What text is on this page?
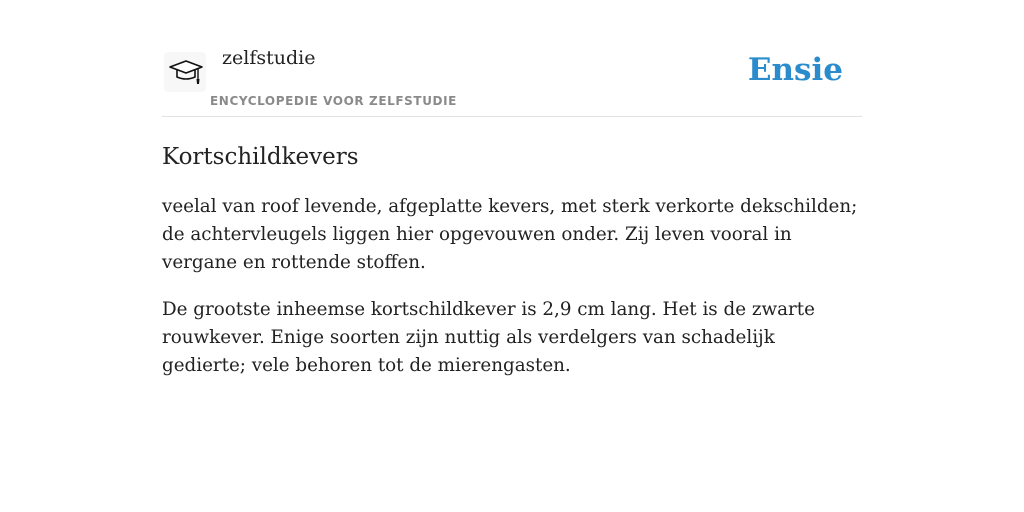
zelfstudie

ENCYCLOPEDIE VOOR ZELFSTUDIE

Ensie
Kortschildkevers

veelal van roof levende, afgeplatte kevers, met sterk verkorte dekschilden; de achtervleugels liggen hier opgevouwen onder. Zij leven vooral in vergane en rottende stoffen.

De grootste inheemse kortschildkever is 2,9 cm lang. Het is de zwarte rouwkever. Enige soorten zijn nuttig als verdelgers van schadelijk gedierte; vele behoren tot de mierengasten.
